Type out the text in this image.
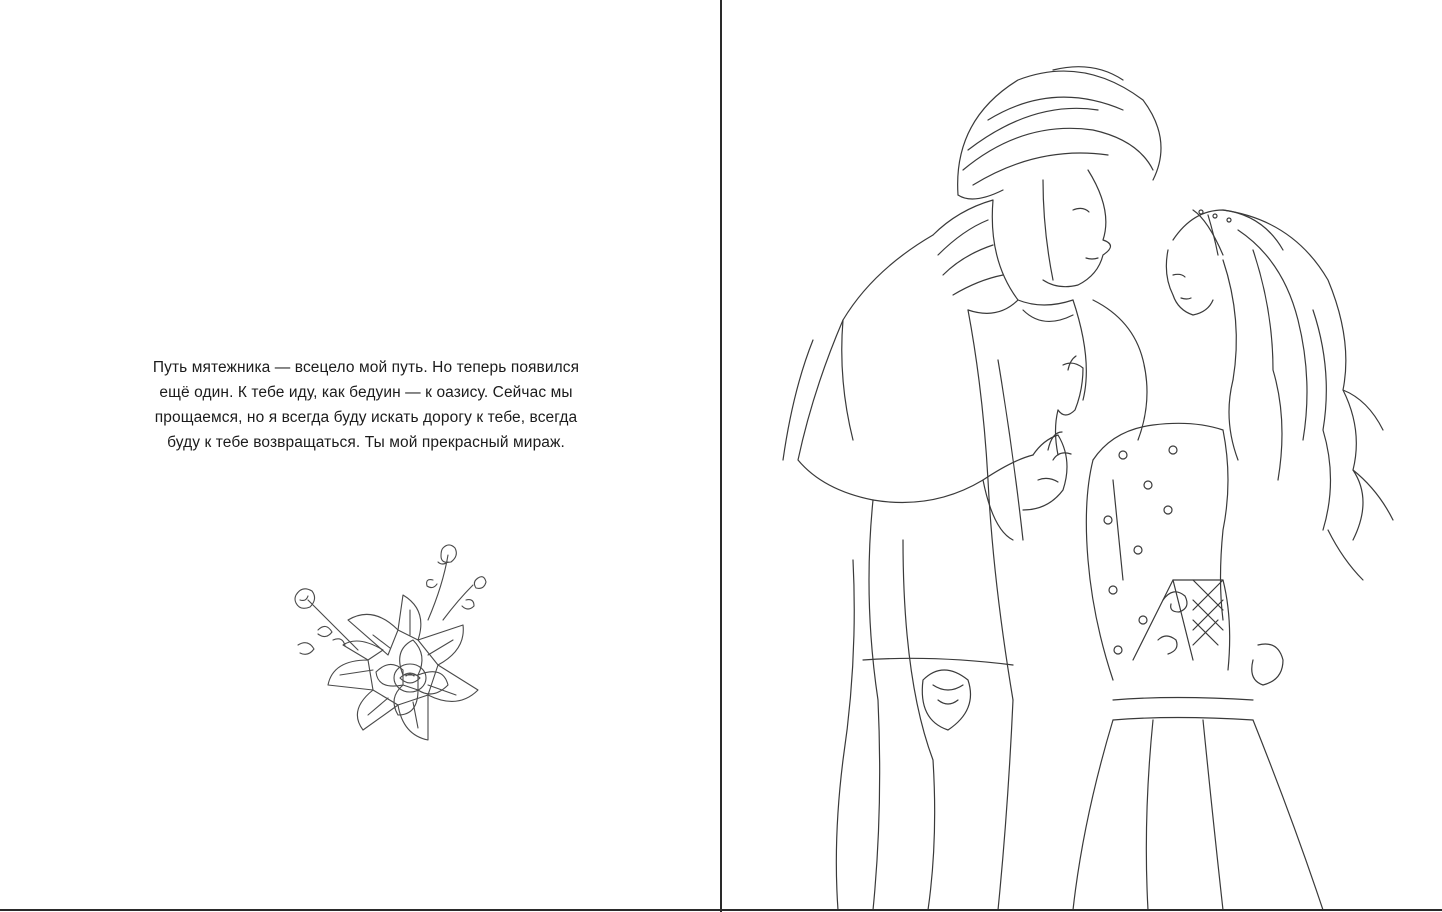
Путь мятежника — всецело мой путь. Но теперь появился
ещё один. К тебе иду, как бедуин — к оазису. Сейчас мы
прощаемся, но я всегда буду искать дорогу к тебе, всегда
буду к тебе возвращаться. Ты мой прекрасный мираж.
